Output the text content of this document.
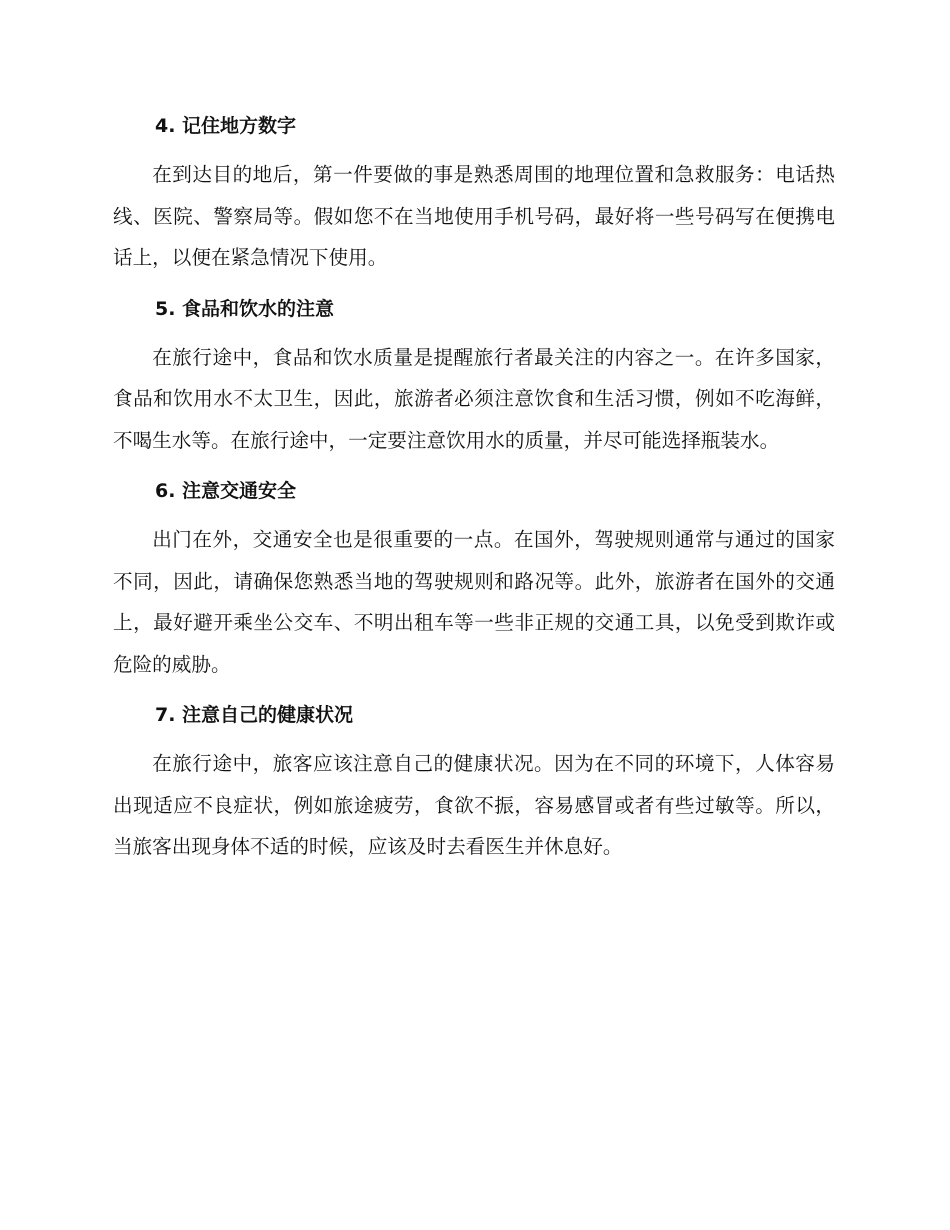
4. 记住地方数字

在到达目的地后，第一件要做的事是熟悉周围的地理位置和急救服务：电话热线、医院、警察局等。假如您不在当地使用手机号码，最好将一些号码写在便携电话上，以便在紧急情况下使用。

5. 食品和饮水的注意

在旅行途中，食品和饮水质量是提醒旅行者最关注的内容之一。在许多国家，食品和饮用水不太卫生，因此，旅游者必须注意饮食和生活习惯，例如不吃海鲜，不喝生水等。在旅行途中，一定要注意饮用水的质量，并尽可能选择瓶装水。

6. 注意交通安全

出门在外，交通安全也是很重要的一点。在国外，驾驶规则通常与通过的国家不同，因此，请确保您熟悉当地的驾驶规则和路况等。此外，旅游者在国外的交通上，最好避开乘坐公交车、不明出租车等一些非正规的交通工具，以免受到欺诈或危险的威胁。

7. 注意自己的健康状况

在旅行途中，旅客应该注意自己的健康状况。因为在不同的环境下，人体容易出现适应不良症状，例如旅途疲劳，食欲不振，容易感冒或者有些过敏等。所以，当旅客出现身体不适的时候，应该及时去看医生并休息好。
